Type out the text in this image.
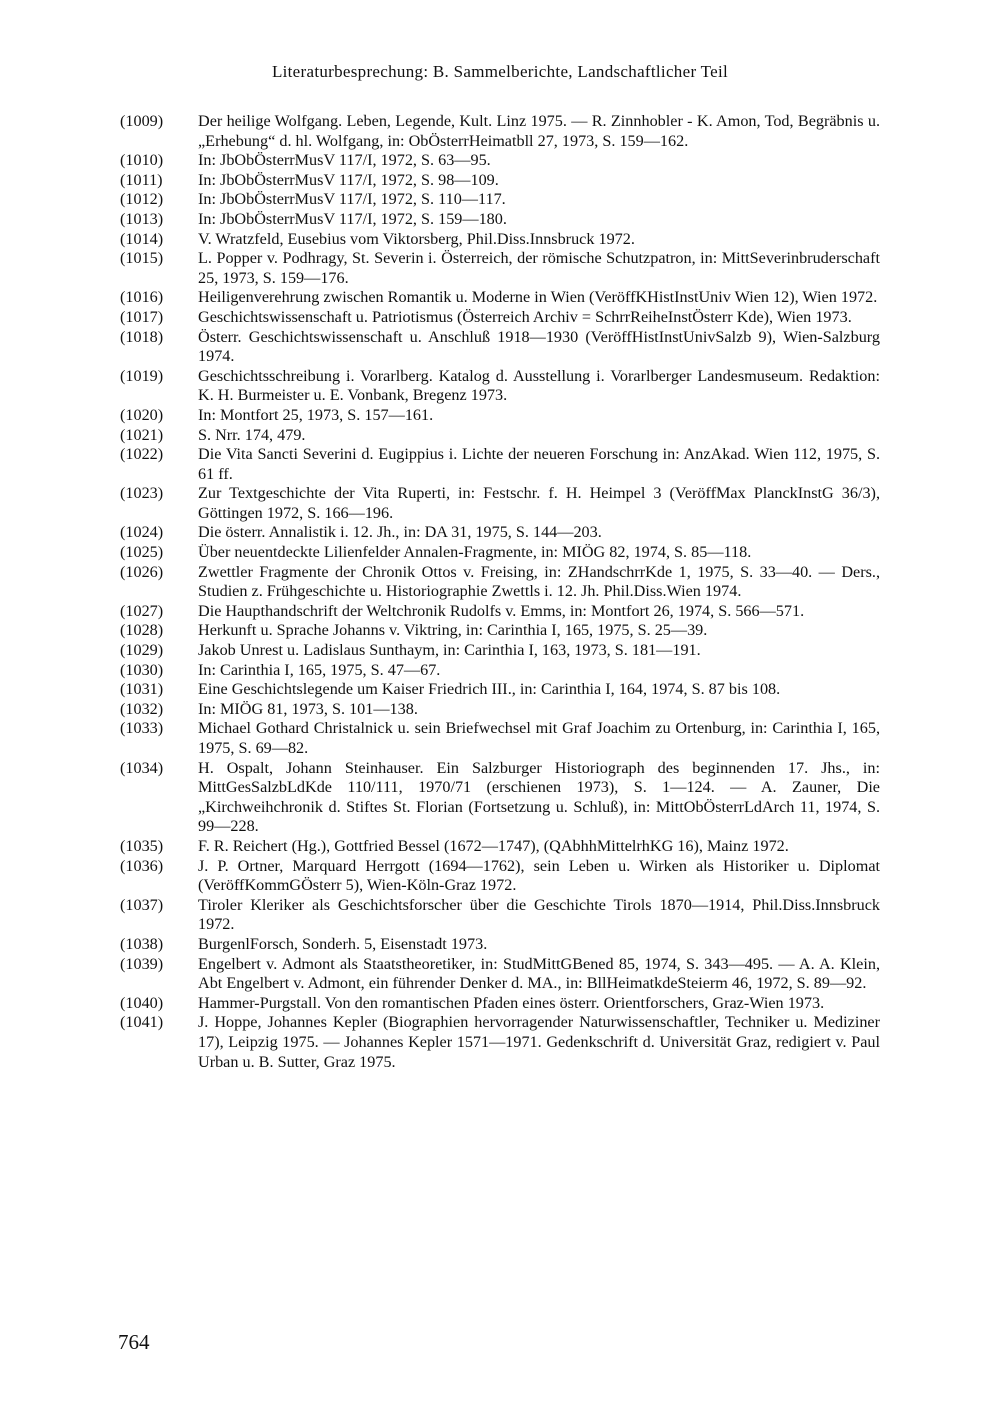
Literaturbesprechung: B. Sammelberichte, Landschaftlicher Teil
(1009)	Der heilige Wolfgang. Leben, Legende, Kult. Linz 1975. — R. Zinnhobler - K. Amon, Tod, Begräbnis u. „Erhebung“ d. hl. Wolfgang, in: ObÖsterrHeimatbll 27, 1973, S. 159—162.
(1010)	In: JbObÖsterrMusV 117/I, 1972, S. 63—95.
(1011)	In: JbObÖsterrMusV 117/I, 1972, S. 98—109.
(1012)	In: JbObÖsterrMusV 117/I, 1972, S. 110—117.
(1013)	In: JbObÖsterrMusV 117/I, 1972, S. 159—180.
(1014)	V. Wratzfeld, Eusebius vom Viktorsberg, Phil.Diss.Innsbruck 1972.
(1015)	L. Popper v. Podhragy, St. Severin i. Österreich, der römische Schutzpatron, in: MittSeverinbruderschaft 25, 1973, S. 159—176.
(1016)	Heiligenverehrung zwischen Romantik u. Moderne in Wien (VeröffKHistInstUniv Wien 12), Wien 1972.
(1017)	Geschichtswissenschaft u. Patriotismus (Österreich Archiv = SchrrReiheInstÖsterr Kde), Wien 1973.
(1018)	Österr. Geschichtswissenschaft u. Anschluß 1918—1930 (VeröffHistInstUnivSalzb 9), Wien-Salzburg 1974.
(1019)	Geschichtsschreibung i. Vorarlberg. Katalog d. Ausstellung i. Vorarlberger Landesmuseum. Redaktion: K. H. Burmeister u. E. Vonbank, Bregenz 1973.
(1020)	In: Montfort 25, 1973, S. 157—161.
(1021)	S. Nrr. 174, 479.
(1022)	Die Vita Sancti Severini d. Eugippius i. Lichte der neueren Forschung in: AnzAkad. Wien 112, 1975, S. 61 ff.
(1023)	Zur Textgeschichte der Vita Ruperti, in: Festschr. f. H. Heimpel 3 (VeröffMax PlanckInstG 36/3), Göttingen 1972, S. 166—196.
(1024)	Die österr. Annalistik i. 12. Jh., in: DA 31, 1975, S. 144—203.
(1025)	Über neuentdeckte Lilienfelder Annalen-Fragmente, in: MIÖG 82, 1974, S. 85—118.
(1026)	Zwettler Fragmente der Chronik Ottos v. Freising, in: ZHandschrrKde 1, 1975, S. 33—40. — Ders., Studien z. Frühgeschichte u. Historiographie Zwettls i. 12. Jh. Phil.Diss.Wien 1974.
(1027)	Die Haupthandschrift der Weltchronik Rudolfs v. Emms, in: Montfort 26, 1974, S. 566—571.
(1028)	Herkunft u. Sprache Johanns v. Viktring, in: Carinthia I, 165, 1975, S. 25—39.
(1029)	Jakob Unrest u. Ladislaus Sunthaym, in: Carinthia I, 163, 1973, S. 181—191.
(1030)	In: Carinthia I, 165, 1975, S. 47—67.
(1031)	Eine Geschichtslegende um Kaiser Friedrich III., in: Carinthia I, 164, 1974, S. 87 bis 108.
(1032)	In: MIÖG 81, 1973, S. 101—138.
(1033)	Michael Gothard Christalnick u. sein Briefwechsel mit Graf Joachim zu Ortenburg, in: Carinthia I, 165, 1975, S. 69—82.
(1034)	H. Ospalt, Johann Steinhauser. Ein Salzburger Historiograph des beginnenden 17. Jhs., in: MittGesSalzbLdKde 110/111, 1970/71 (erschienen 1973), S. 1—124. — A. Zauner, Die „Kirchweihchronik d. Stiftes St. Florian (Fortsetzung u. Schluß), in: MittObÖsterrLdArch 11, 1974, S. 99—228.
(1035)	F. R. Reichert (Hg.), Gottfried Bessel (1672—1747), (QAbhhMittelrhKG 16), Mainz 1972.
(1036)	J. P. Ortner, Marquard Herrgott (1694—1762), sein Leben u. Wirken als Historiker u. Diplomat (VeröffKommGÖsterr 5), Wien-Köln-Graz 1972.
(1037)	Tiroler Kleriker als Geschichtsforscher über die Geschichte Tirols 1870—1914, Phil.Diss.Innsbruck 1972.
(1038)	BurgenlForsch, Sonderh. 5, Eisenstadt 1973.
(1039)	Engelbert v. Admont als Staatstheoretiker, in: StudMittGBened 85, 1974, S. 343—495. — A. A. Klein, Abt Engelbert v. Admont, ein führender Denker d. MA., in: BllHeimatkdeSteierm 46, 1972, S. 89—92.
(1040)	Hammer-Purgstall. Von den romantischen Pfaden eines österr. Orientforschers, Graz-Wien 1973.
(1041)	J. Hoppe, Johannes Kepler (Biographien hervorragender Naturwissenschaftler, Techniker u. Mediziner 17), Leipzig 1975. — Johannes Kepler 1571—1971. Gedenkschrift d. Universität Graz, redigiert v. Paul Urban u. B. Sutter, Graz 1975.
764
